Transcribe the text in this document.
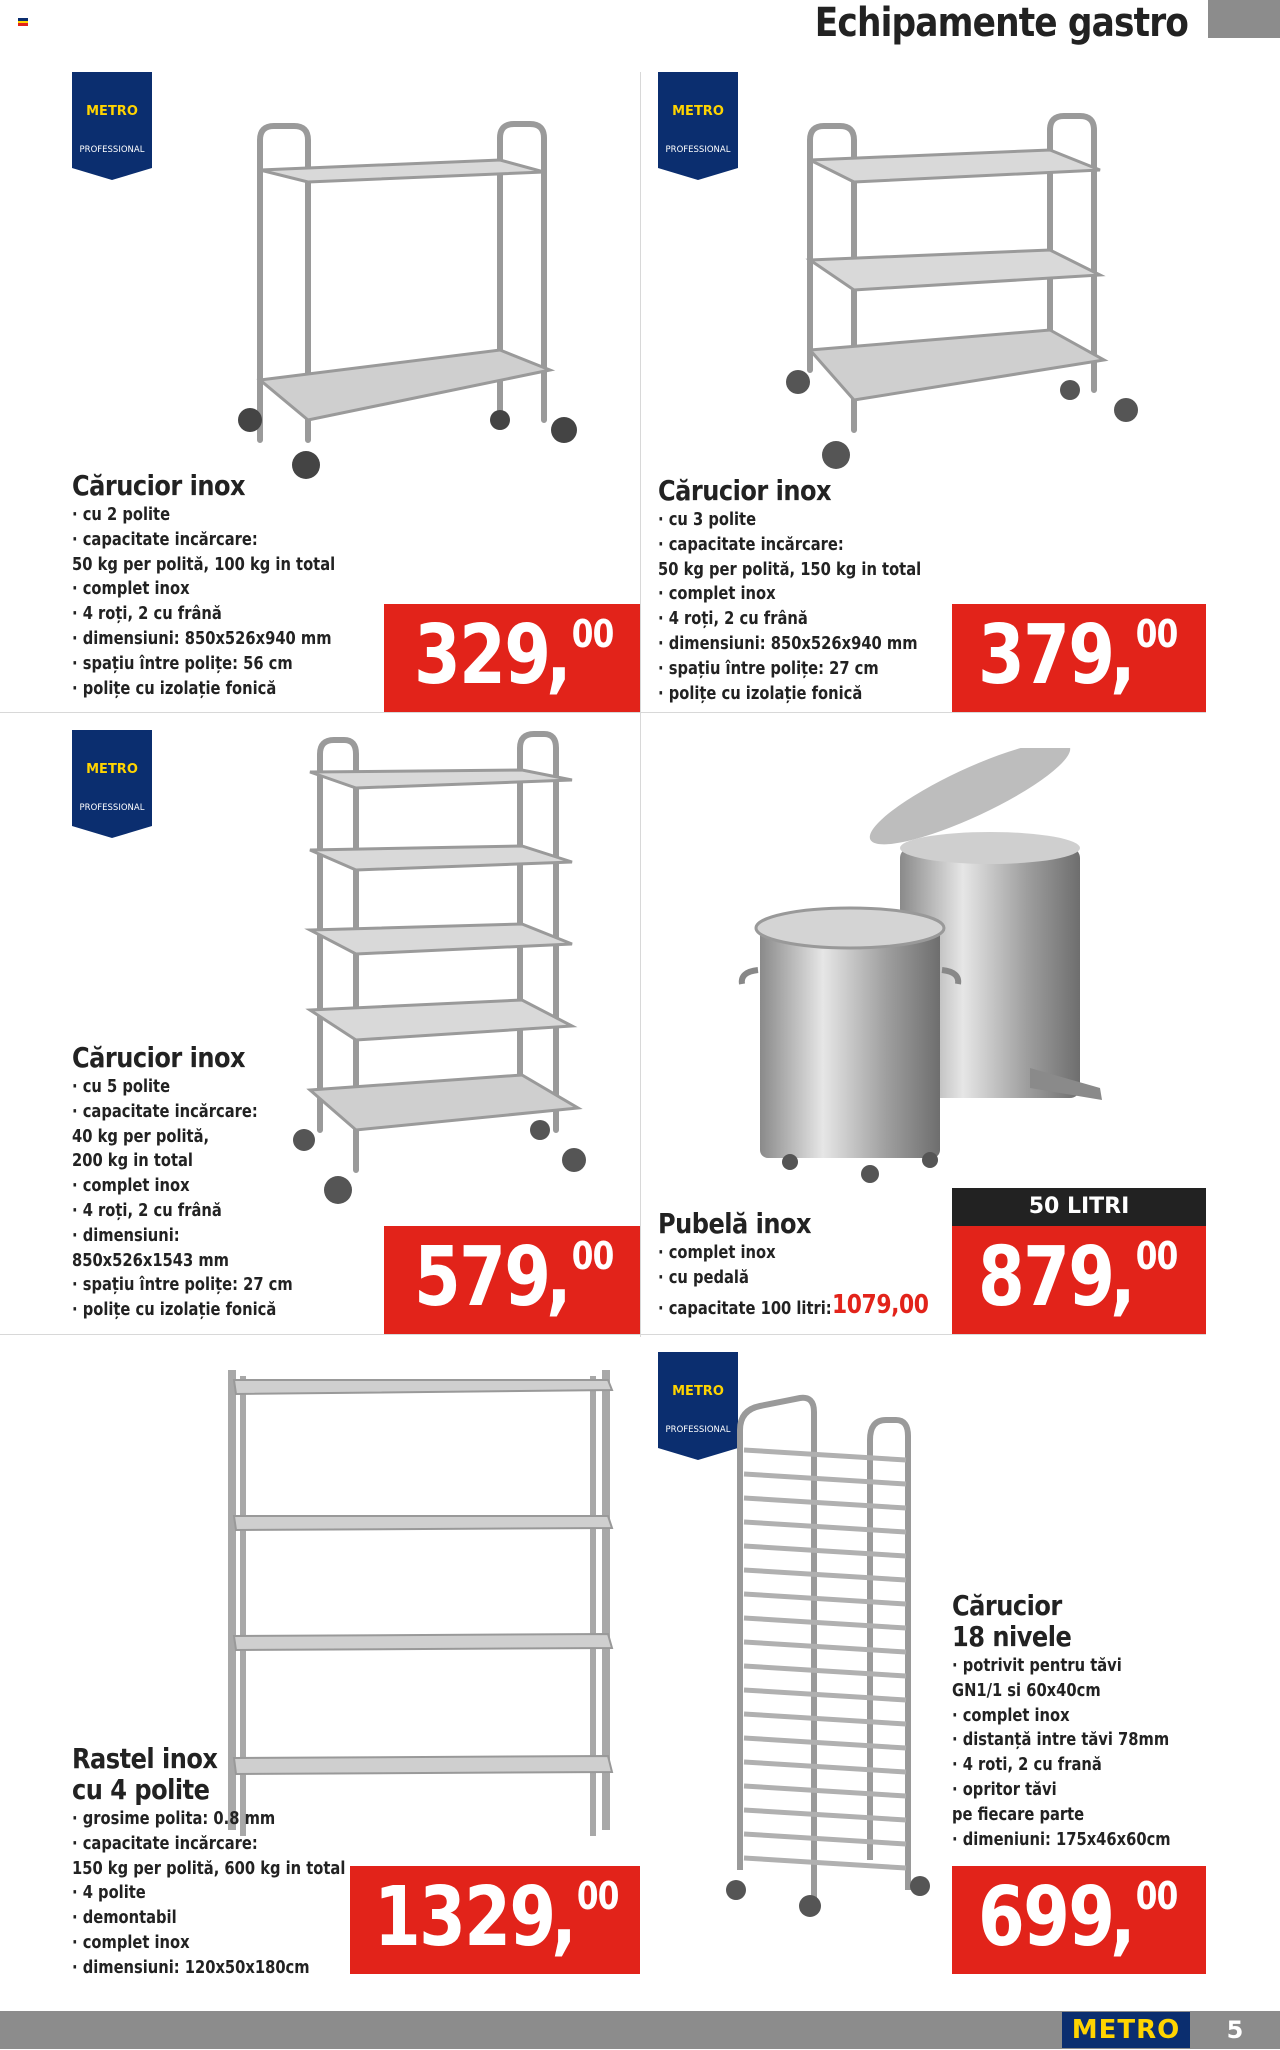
Echipamente gastro
METRO
PROFESSIONAL
METRO
PROFESSIONAL
METRO
PROFESSIONAL
METRO
PROFESSIONAL
Cărucior inox
· cu 2 polite
· capacitate incărcare:
50 kg per polită, 100 kg in total
· complet inox
· 4 roți, 2 cu frână
· dimensiuni: 850x526x940 mm
· spațiu între polițe: 56 cm
· polițe cu izolație fonică	329,00
Cărucior inox
· cu 3 polite
· capacitate incărcare:
50 kg per polită, 150 kg in total
· complet inox
· 4 roți, 2 cu frână
· dimensiuni: 850x526x940 mm
· spațiu între polițe: 27 cm
· polițe cu izolație fonică	379,00
Cărucior inox
· cu 5 polite
· capacitate incărcare:
40 kg per polită,
200 kg in total
· complet inox
· 4 roți, 2 cu frână
· dimensiuni:
850x526x1543 mm
· spațiu între polițe: 27 cm
· polițe cu izolație fonică 579,00
Pubelă inox
· complet inox
· cu pedală
· capacitate 100 litri: 1079,00
50 LITRI
879,00
Rastel inox
cu 4 polite
· grosime polita: 0.8 mm
· capacitate incărcare:
150 kg per polită, 600 kg in total
· 4 polite
· demontabil
· complet inox
· dimensiuni: 120x50x180cm
1329,00
Cărucior
18 nivele
· potrivit pentru tăvi
GN1/1 si 60x40cm
· complet inox
· distanță intre tăvi 78mm
· 4 roti, 2 cu frană
· opritor tăvi
pe fiecare parte
· dimeniuni: 175x46x60cm
699,00
METRO	5
